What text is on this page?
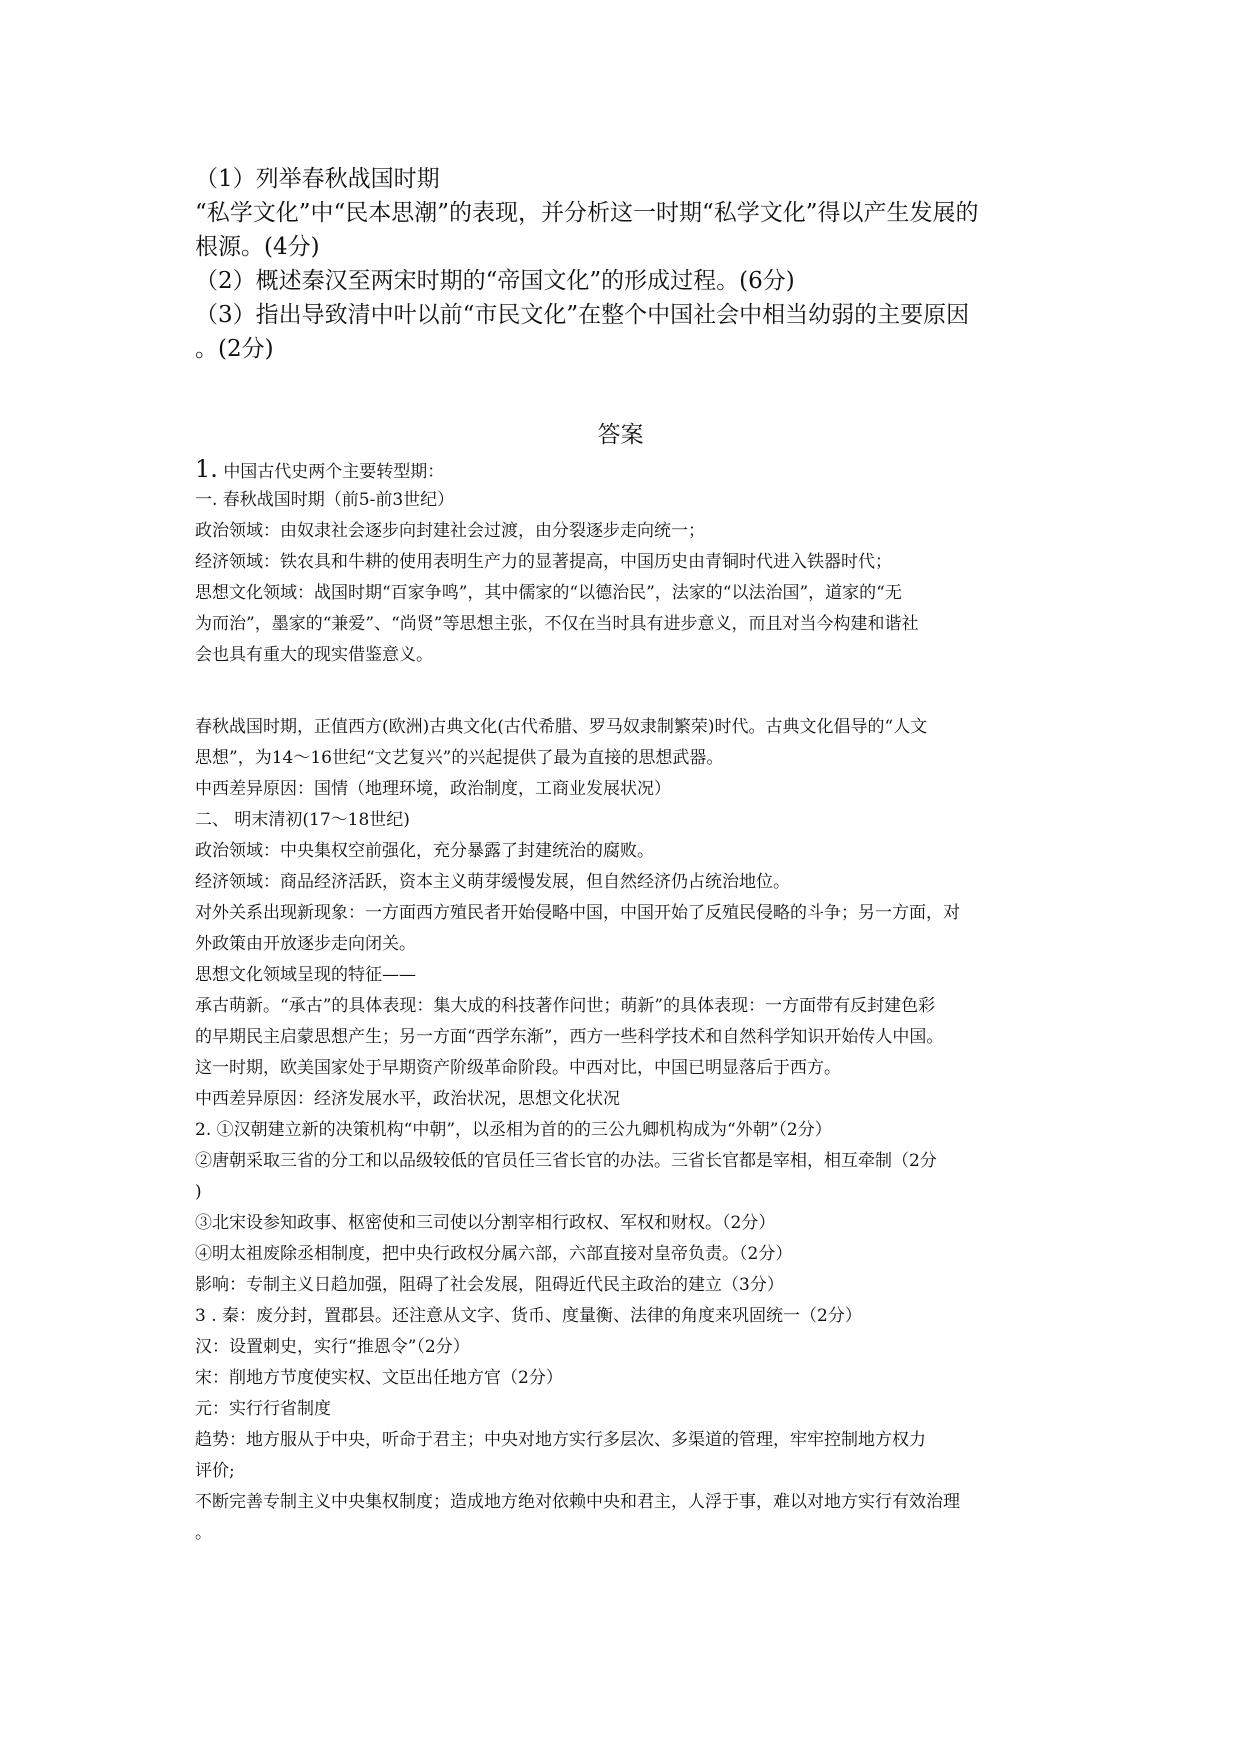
（1）列举春秋战国时期
“私学文化”中“民本思潮”的表现，并分析这一时期“私学文化”得以产生发展的
根源。(4分)
（2）概述秦汉至两宋时期的“帝国文化”的形成过程。(6分)
（3）指出导致清中叶以前“市民文化”在整个中国社会中相当幼弱的主要原因
。(2分)
答案
1. 中国古代史两个主要转型期：
一. 春秋战国时期（前5-前3世纪）
政治领域：由奴隶社会逐步向封建社会过渡，由分裂逐步走向统一；
经济领域：铁农具和牛耕的使用表明生产力的显著提高，中国历史由青铜时代进入铁器时代；
思想文化领域：战国时期“百家争鸣”，其中儒家的“以德治民”，法家的“以法治国”，道家的“无
为而治”，墨家的“兼爱”、“尚贤”等思想主张，不仅在当时具有进步意义，而且对当今构建和谐社
会也具有重大的现实借鉴意义。
春秋战国时期，正值西方(欧洲)古典文化(古代希腊、罗马奴隶制繁荣)时代。古典文化倡导的“人文
思想”，为14～16世纪“文艺复兴”的兴起提供了最为直接的思想武器。
中西差异原因：国情（地理环境，政治制度，工商业发展状况）
二、 明末清初(17～18世纪)
政治领域：中央集权空前强化，充分暴露了封建统治的腐败。
经济领域：商品经济活跃，资本主义萌芽缓慢发展，但自然经济仍占统治地位。
对外关系出现新现象：一方面西方殖民者开始侵略中国，中国开始了反殖民侵略的斗争；另一方面，对
外政策由开放逐步走向闭关。
思想文化领域呈现的特征——
承古萌新。“承古”的具体表现：集大成的科技著作问世；萌新”的具体表现：一方面带有反封建色彩
的早期民主启蒙思想产生；另一方面“西学东渐”，西方一些科学技术和自然科学知识开始传人中国。
这一时期，欧美国家处于早期资产阶级革命阶段。中西对比，中国已明显落后于西方。
中西差异原因：经济发展水平，政治状况，思想文化状况
2. ①汉朝建立新的决策机构“中朝”，以丞相为首的的三公九卿机构成为“外朝”（2分）
②唐朝采取三省的分工和以品级较低的官员任三省长官的办法。三省长官都是宰相，相互牵制（2分
)
③北宋设参知政事、枢密使和三司使以分割宰相行政权、军权和财权。（2分）
④明太祖废除丞相制度，把中央行政权分属六部，六部直接对皇帝负责。（2分）
影响：专制主义日趋加强，阻碍了社会发展，阻碍近代民主政治的建立（3分）
3 . 秦：废分封，置郡县。还注意从文字、货币、度量衡、法律的角度来巩固统一（2分）
汉：设置刺史，实行“推恩令”（2分）
宋：削地方节度使实权、文臣出任地方官（2分）
元：实行行省制度
趋势：地方服从于中央，听命于君主；中央对地方实行多层次、多渠道的管理，牢牢控制地方权力
评价;
不断完善专制主义中央集权制度；造成地方绝对依赖中央和君主，人浮于事，难以对地方实行有效治理
。
